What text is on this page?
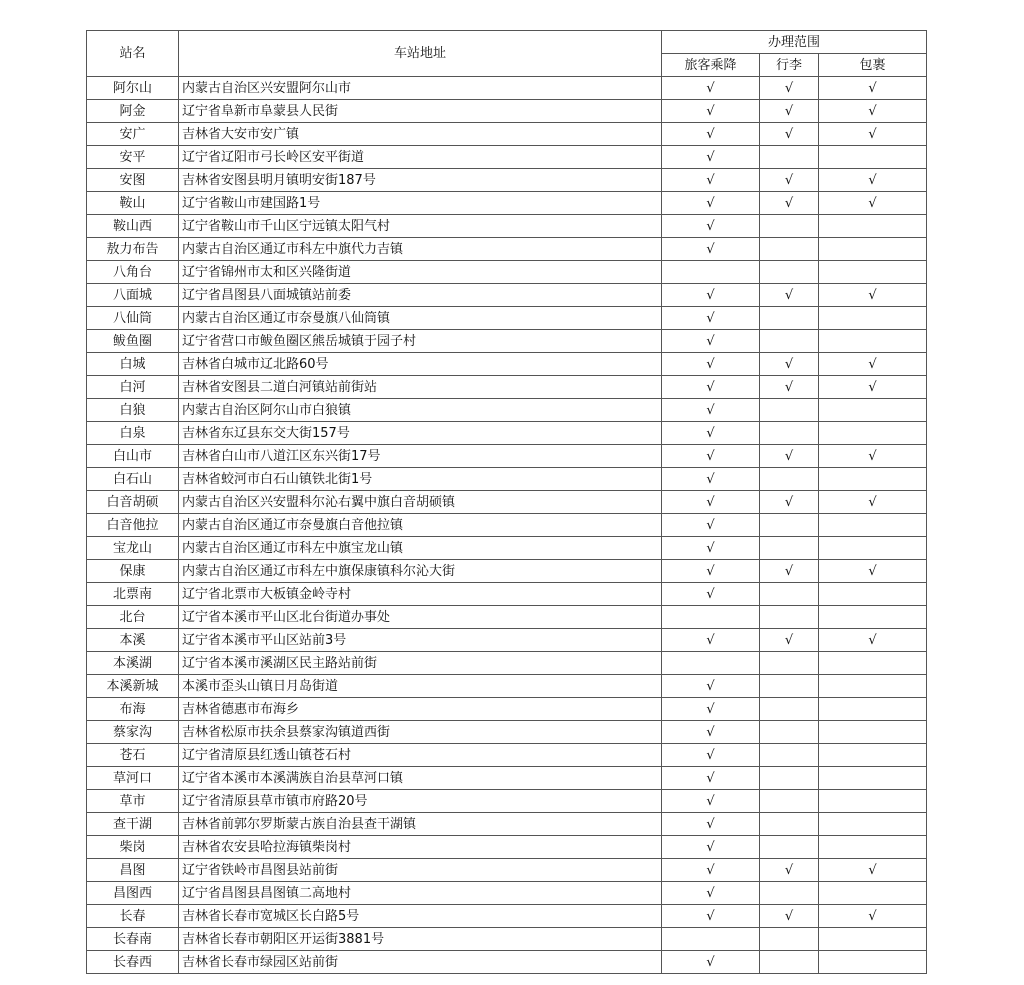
站名	车站地址	办理范围		
		旅客乘降	行李	包裹
阿尔山	内蒙古自治区兴安盟阿尔山市	√	√	√
阿金	辽宁省阜新市阜蒙县人民街	√	√	√
安广	吉林省大安市安广镇	√	√	√
安平	辽宁省辽阳市弓长岭区安平街道	√		
安图	吉林省安图县明月镇明安街187号	√	√	√
鞍山	辽宁省鞍山市建国路1号	√	√	√
鞍山西	辽宁省鞍山市千山区宁远镇太阳气村	√		
敖力布告	内蒙古自治区通辽市科左中旗代力吉镇	√		
八角台	辽宁省锦州市太和区兴隆街道			
八面城	辽宁省昌图县八面城镇站前委	√	√	√
八仙筒	内蒙古自治区通辽市奈曼旗八仙筒镇	√		
鲅鱼圈	辽宁省营口市鲅鱼圈区熊岳城镇于园子村	√		
白城	吉林省白城市辽北路60号	√	√	√
白河	吉林省安图县二道白河镇站前街站	√	√	√
白狼	内蒙古自治区阿尔山市白狼镇	√		
白泉	吉林省东辽县东交大街157号	√		
白山市	吉林省白山市八道江区东兴街17号	√	√	√
白石山	吉林省蛟河市白石山镇铁北街1号	√		
白音胡硕	内蒙古自治区兴安盟科尔沁右翼中旗白音胡硕镇	√	√	√
白音他拉	内蒙古自治区通辽市奈曼旗白音他拉镇	√		
宝龙山	内蒙古自治区通辽市科左中旗宝龙山镇	√		
保康	内蒙古自治区通辽市科左中旗保康镇科尔沁大街	√	√	√
北票南	辽宁省北票市大板镇金岭寺村	√		
北台	辽宁省本溪市平山区北台街道办事处			
本溪	辽宁省本溪市平山区站前3号	√	√	√
本溪湖	辽宁省本溪市溪湖区民主路站前街			
本溪新城	本溪市歪头山镇日月岛街道	√		
布海	吉林省德惠市布海乡	√		
蔡家沟	吉林省松原市扶余县蔡家沟镇道西街	√		
苍石	辽宁省清原县红透山镇苍石村	√		
草河口	辽宁省本溪市本溪满族自治县草河口镇	√		
草市	辽宁省清原县草市镇市府路20号	√		
查干湖	吉林省前郭尔罗斯蒙古族自治县查干湖镇	√		
柴岗	吉林省农安县哈拉海镇柴岗村	√		
昌图	辽宁省铁岭市昌图县站前街	√	√	√
昌图西	辽宁省昌图县昌图镇二高地村	√		
长春	吉林省长春市宽城区长白路5号	√	√	√
长春南	吉林省长春市朝阳区开运街3881号			
长春西	吉林省长春市绿园区站前街	√		
